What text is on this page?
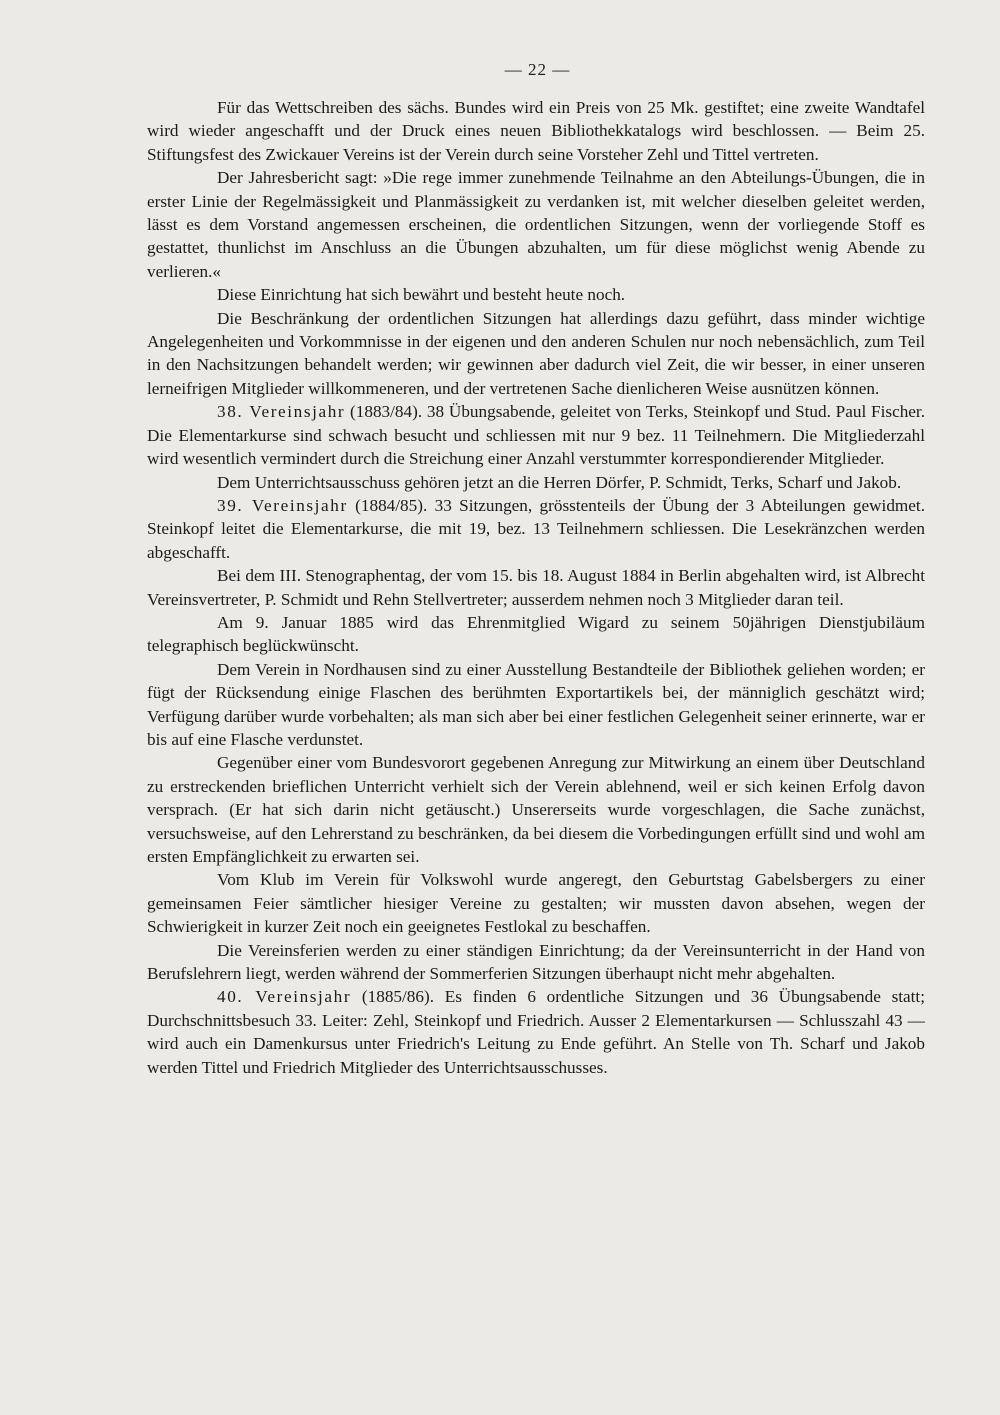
— 22 —

Für das Wettschreiben des sächs. Bundes wird ein Preis von 25 Mk. gestiftet; eine zweite Wandtafel wird wieder angeschafft und der Druck eines neuen Bibliothekkatalogs wird beschlossen. — Beim 25. Stiftungsfest des Zwickauer Vereins ist der Verein durch seine Vorsteher Zehl und Tittel vertreten.

Der Jahresbericht sagt: »Die rege immer zunehmende Teilnahme an den Abteilungs-Übungen, die in erster Linie der Regelmässigkeit und Planmässigkeit zu verdanken ist, mit welcher dieselben geleitet werden, lässt es dem Vorstand angemessen erscheinen, die ordentlichen Sitzungen, wenn der vorliegende Stoff es gestattet, thunlichst im Anschluss an die Übungen abzuhalten, um für diese möglichst wenig Abende zu verlieren.«

Diese Einrichtung hat sich bewährt und besteht heute noch.

Die Beschränkung der ordentlichen Sitzungen hat allerdings dazu geführt, dass minder wichtige Angelegenheiten und Vorkommnisse in der eigenen und den anderen Schulen nur noch nebensächlich, zum Teil in den Nachsitzungen behandelt werden; wir gewinnen aber dadurch viel Zeit, die wir besser, in einer unseren lerneifrigen Mitglieder willkommeneren, und der vertretenen Sache dienlicheren Weise ausnützen können.

38. Vereinsjahr (1883/84). 38 Übungsabende, geleitet von Terks, Steinkopf und Stud. Paul Fischer. Die Elementarkurse sind schwach besucht und schliessen mit nur 9 bez. 11 Teilnehmern. Die Mitgliederzahl wird wesentlich vermindert durch die Streichung einer Anzahl verstummter korrespondierender Mitglieder.

Dem Unterrichtsausschuss gehören jetzt an die Herren Dörfer, P. Schmidt, Terks, Scharf und Jakob.

39. Vereinsjahr (1884/85). 33 Sitzungen, grösstenteils der Übung der 3 Abteilungen gewidmet. Steinkopf leitet die Elementarkurse, die mit 19, bez. 13 Teilnehmern schliessen. Die Lesekränzchen werden abgeschafft.

Bei dem III. Stenographentag, der vom 15. bis 18. August 1884 in Berlin abgehalten wird, ist Albrecht Vereinsvertreter, P. Schmidt und Rehn Stellvertreter; ausserdem nehmen noch 3 Mitglieder daran teil.

Am 9. Januar 1885 wird das Ehrenmitglied Wigard zu seinem 50jährigen Dienstjubiläum telegraphisch beglückwünscht.

Dem Verein in Nordhausen sind zu einer Ausstellung Bestandteile der Bibliothek geliehen worden; er fügt der Rücksendung einige Flaschen des berühmten Exportartikels bei, der männiglich geschätzt wird; Verfügung darüber wurde vorbehalten; als man sich aber bei einer festlichen Gelegenheit seiner erinnerte, war er bis auf eine Flasche verdunstet.

Gegenüber einer vom Bundesvorort gegebenen Anregung zur Mitwirkung an einem über Deutschland zu erstreckenden brieflichen Unterricht verhielt sich der Verein ablehnend, weil er sich keinen Erfolg davon versprach. (Er hat sich darin nicht getäuscht.) Unsererseits wurde vorgeschlagen, die Sache zunächst, versuchsweise, auf den Lehrerstand zu beschränken, da bei diesem die Vorbedingungen erfüllt sind und wohl am ersten Empfänglichkeit zu erwarten sei.

Vom Klub im Verein für Volkswohl wurde angeregt, den Geburtstag Gabelsbergers zu einer gemeinsamen Feier sämtlicher hiesiger Vereine zu gestalten; wir mussten davon absehen, wegen der Schwierigkeit in kurzer Zeit noch ein geeignetes Festlokal zu beschaffen.

Die Vereinsferien werden zu einer ständigen Einrichtung; da der Vereinsunterricht in der Hand von Berufslehrern liegt, werden während der Sommerferien Sitzungen überhaupt nicht mehr abgehalten.

40. Vereinsjahr (1885/86). Es finden 6 ordentliche Sitzungen und 36 Übungsabende statt; Durchschnittsbesuch 33. Leiter: Zehl, Steinkopf und Friedrich. Ausser 2 Elementarkursen — Schlusszahl 43 — wird auch ein Damenkursus unter Friedrich's Leitung zu Ende geführt. An Stelle von Th. Scharf und Jakob werden Tittel und Friedrich Mitglieder des Unterrichtsausschusses.
